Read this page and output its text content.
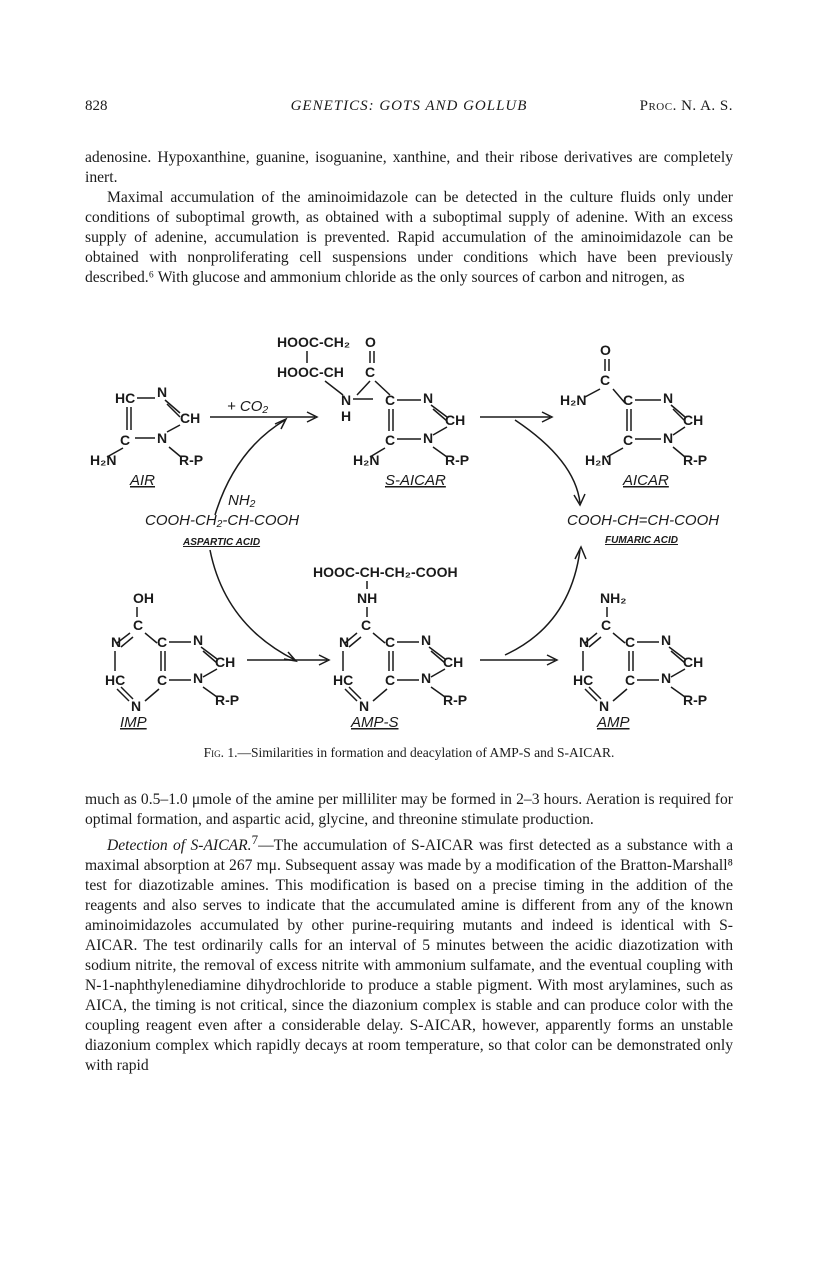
828	GENETICS: GOTS AND GOLLUB	Proc. N. A. S.

adenosine. Hypoxanthine, guanine, isoguanine, xanthine, and their ribose derivatives are completely inert.

Maximal accumulation of the aminoimidazole can be detected in the culture fluids only under conditions of suboptimal growth, as obtained with a suboptimal supply of adenine. With an excess supply of adenine, accumulation is prevented. Rapid accumulation of the aminoimidazole can be obtained with nonproliferating cell suspensions under conditions which have been previously described.⁶ With glucose and ammonium chloride as the only sources of carbon and nitrogen, as

HC N
CH
C N
H₂N	R-P
AIR
+ CO₂
HOOC-CH₂ O
HOOC-CH C
N
H
C N
CH
C N
H₂N	R-P
S-AICAR
O
C
H₂N	C N
CH
C N
H₂N	R-P
AICAR
NH₂
COOH-CH₂-CH-COOH
ASPARTIC ACID
COOH-CH=CH-COOH
FUMARIC ACID
OH
C
N	C N
CH
HC C N
N	R-P
IMP
HOOC-CH-CH₂-COOH
NH
C
N	C N
CH
HC C N
N	R-P
AMP-S
NH₂
C
N	C N
CH
HC C N
N	R-P
AMP
Fig. 1.—Similarities in formation and deacylation of AMP-S and S-AICAR.

much as 0.5–1.0 μmole of the amine per milliliter may be formed in 2–3 hours. Aeration is required for optimal formation, and aspartic acid, glycine, and threonine stimulate production.

Detection of S-AICAR.$^7$—The accumulation of S-AICAR was first detected as a substance with a maximal absorption at 267 mμ. Subsequent assay was made by a modification of the Bratton-Marshall⁸ test for diazotizable amines. This modification is based on a precise timing in the addition of the reagents and also serves to indicate that the accumulated amine is different from any of the known aminoimidazoles accumulated by other purine-requiring mutants and indeed is identical with S-AICAR. The test ordinarily calls for an interval of 5 minutes between the acidic diazotization with sodium nitrite, the removal of excess nitrite with ammonium sulfamate, and the eventual coupling with N-1-naphthylenediamine dihydrochloride to produce a stable pigment. With most arylamines, such as AICA, the timing is not critical, since the diazonium complex is stable and can produce color with the coupling reagent even after a considerable delay. S-AICAR, however, apparently forms an unstable diazonium complex which rapidly decays at room temperature, so that color can be demonstrated only with rapid
